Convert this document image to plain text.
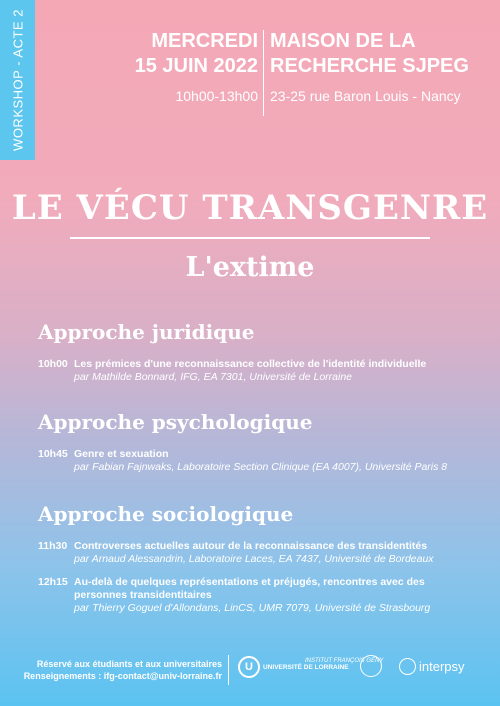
WORKSHOP - ACTE 2	MERCREDI
15 JUIN 2022
10h00-13h00
MAISON DE LA
RECHERCHE SJPEG
23-25 rue Baron Louis - Nancy
LE VÉCU TRANSGENRE
L'extime
Approche juridique
10h00 Les prémices d'une reconnaissance collective de l'identité individuelle
par Mathilde Bonnard, IFG, EA 7301, Université de Lorraine
Approche psychologique
10h45 Genre et sexuation
par Fabian Fajnwaks, Laboratoire Section Clinique (EA 4007), Université Paris 8
Approche sociologique
11h30 Controverses actuelles autour de la reconnaissance des transidentités
par Arnaud Alessandrin, Laboratoire Laces, EA 7437, Université de Bordeaux
12h15 Au-delà de quelques représentations et préjugés, rencontres avec des personnes transidentitaires
par Thierry Goguel d'Allondans, LinCS, UMR 7079, Université de Strasbourg
Réservé aux étudiants et aux universitaires
Renseignements : ifg-contact@univ-lorraine.fr
U	UNIVERSITÉ DE LORRAINE
INSTITUT FRANÇOIS GÉNY	interpsy
